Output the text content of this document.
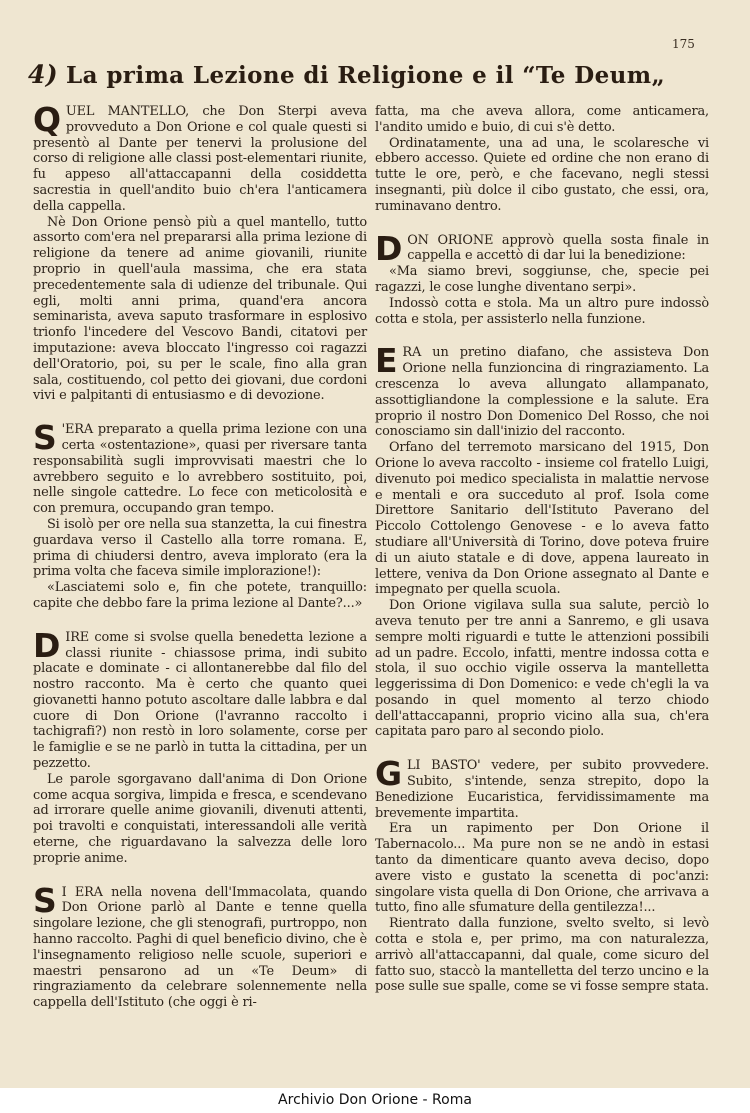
175
4) La prima Lezione di Religione e il “Te Deum„

QUEL MANTELLO, che Don Sterpi aveva provveduto a Don Orione e col quale questi si presentò al Dante per tenervi la prolusione del corso di religione alle classi post-elementari riunite, fu appeso all'attaccapanni della cosiddetta sacrestia in quell'andito buio ch'era l'anticamera della cappella.

Nè Don Orione pensò più a quel mantello, tutto assorto com'era nel prepararsi alla prima lezione di religione da tenere ad anime giovanili, riunite proprio in quell'aula massima, che era stata precedentemente sala di udienze del tribunale. Qui egli, molti anni prima, quand'era ancora seminarista, aveva saputo trasformare in esplosivo trionfo l'incedere del Vescovo Bandi, citatovi per imputazione: aveva bloccato l'ingresso coi ragazzi dell'Oratorio, poi, su per le scale, fino alla gran sala, costituendo, col petto dei giovani, due cordoni vivi e palpitanti di entusiasmo e di devozione.

S 'ERA preparato a quella prima lezione con una certa «ostentazione», quasi per riversare tanta responsabilità sugli improvvisati maestri che lo avrebbero seguito e lo avrebbero sostituito, poi, nelle singole cattedre. Lo fece con meticolosità e con premura, occupando gran tempo.

Si isolò per ore nella sua stanzetta, la cui finestra guardava verso il Castello alla torre romana. E, prima di chiudersi dentro, aveva implorato (era la prima volta che faceva simile implorazione!):

«Lasciatemi solo e, fin che potete, tranquillo: capite che debbo fare la prima lezione al Dante?...»

DIRE come si svolse quella benedetta lezione a classi riunite - chiassose prima, indi subito placate e dominate - ci allontanerebbe dal filo del nostro racconto. Ma è certo che quanto quei giovanetti hanno potuto ascoltare dalle labbra e dal cuore di Don Orione (l'avranno raccolto i tachigrafi?) non restò in loro solamente, corse per le famiglie e se ne parlò in tutta la cittadina, per un pezzetto.

Le parole sgorgavano dall'anima di Don Orione come acqua sorgiva, limpida e fresca, e scendevano ad irrorare quelle anime giovanili, divenuti attenti, poi travolti e conquistati, interessandoli alle verità eterne, che riguardavano la salvezza delle loro proprie anime.

S I ERA nella novena dell'Immacolata, quando Don Orione parlò al Dante e tenne quella singolare lezione, che gli stenografi, purtroppo, non hanno raccolto. Paghi di quel beneficio divino, che è l'insegnamento religioso nelle scuole, superiori e maestri pensarono ad un «Te Deum» di ringraziamento da celebrare solennemente nella cappella dell'Istituto (che oggi è ri-

fatta, ma che aveva allora, come anticamera, l'andito umido e buio, di cui s'è detto.

Ordinatamente, una ad una, le scolaresche vi ebbero accesso. Quiete ed ordine che non erano di tutte le ore, però, e che facevano, negli stessi insegnanti, più dolce il cibo gustato, che essi, ora, ruminavano dentro.

DON ORIONE approvò quella sosta finale in cappella e accettò di dar lui la benedizione:

«Ma siamo brevi, soggiunse, che, specie pei ragazzi, le cose lunghe diventano serpi».

Indossò cotta e stola. Ma un altro pure indossò cotta e stola, per assisterlo nella funzione.

ERA un pretino diafano, che assisteva Don Orione nella funzioncina di ringraziamento. La crescenza lo aveva allungato allampanato, assottigliandone la complessione e la salute. Era proprio il nostro Don Domenico Del Rosso, che noi conosciamo sin dall'inizio del racconto.

Orfano del terremoto marsicano del 1915, Don Orione lo aveva raccolto - insieme col fratello Luigi, divenuto poi medico specialista in malattie nervose e mentali e ora succeduto al prof. Isola come Direttore Sanitario dell'Istituto Paverano del Piccolo Cottolengo Genovese - e lo aveva fatto studiare all'Università di Torino, dove poteva fruire di un aiuto statale e di dove, appena laureato in lettere, veniva da Don Orione assegnato al Dante e impegnato per quella scuola.

Don Orione vigilava sulla sua salute, perciò lo aveva tenuto per tre anni a Sanremo, e gli usava sempre molti riguardi e tutte le attenzioni possibili ad un padre. Eccolo, infatti, mentre indossa cotta e stola, il suo occhio vigile osserva la mantelletta leggerissima di Don Domenico: e vede ch'egli la va posando in quel momento al terzo chiodo dell'attaccapanni, proprio vicino alla sua, ch'era capitata paro paro al secondo piolo.

GLI BASTO' vedere, per subito provvedere. Subito, s'intende, senza strepito, dopo la Benedizione Eucaristica, fervidissimamente ma brevemente impartita.

Era un rapimento per Don Orione il Tabernacolo... Ma pure non se ne andò in estasi tanto da dimenticare quanto aveva deciso, dopo avere visto e gustato la scenetta di poc'anzi: singolare vista quella di Don Orione, che arrivava a tutto, fino alle sfumature della gentilezza!...

Rientrato dalla funzione, svelto svelto, si levò cotta e stola e, per primo, ma con naturalezza, arrivò all'attaccapanni, dal quale, come sicuro del fatto suo, staccò la mantelletta del terzo uncino e la pose sulle sue spalle, come se vi fosse sempre stata.

Archivio Don Orione - Roma
